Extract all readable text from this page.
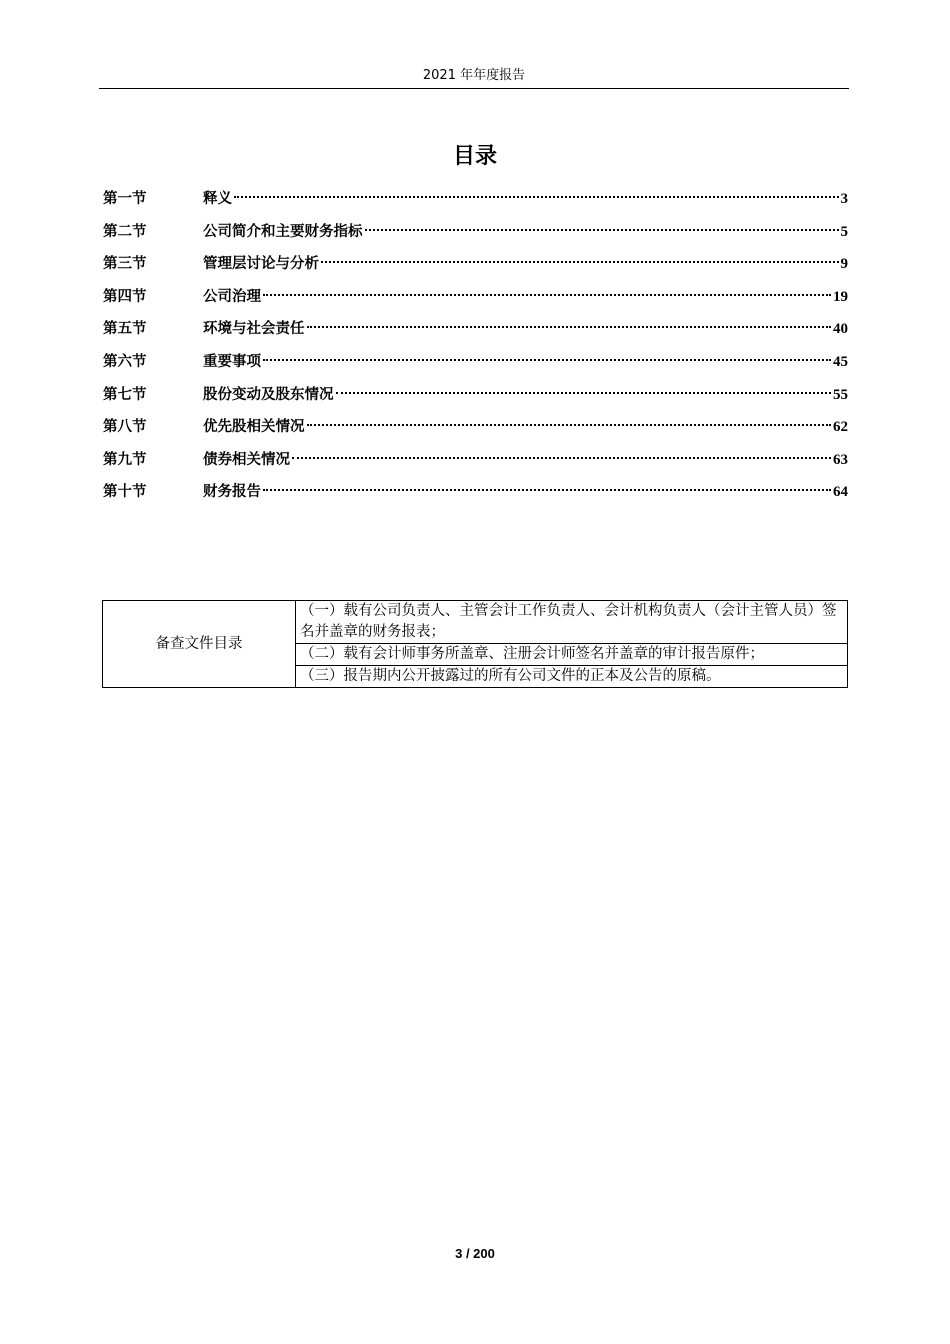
2021 年年度报告
目录
第一节	释义	3
第二节	公司简介和主要财务指标	5
第三节	管理层讨论与分析	9
第四节	公司治理	19
第五节	环境与社会责任	40
第六节	重要事项	45
第七节	股份变动及股东情况	55
第八节	优先股相关情况	62
第九节	债券相关情况	63
第十节	财务报告	64
备查文件目录	（一）载有公司负责人、主管会计工作负责人、会计机构负责人（会计主管人员）签名并盖章的财务报表；
（二）载有会计师事务所盖章、注册会计师签名并盖章的审计报告原件；
（三）报告期内公开披露过的所有公司文件的正本及公告的原稿。
3 / 200
